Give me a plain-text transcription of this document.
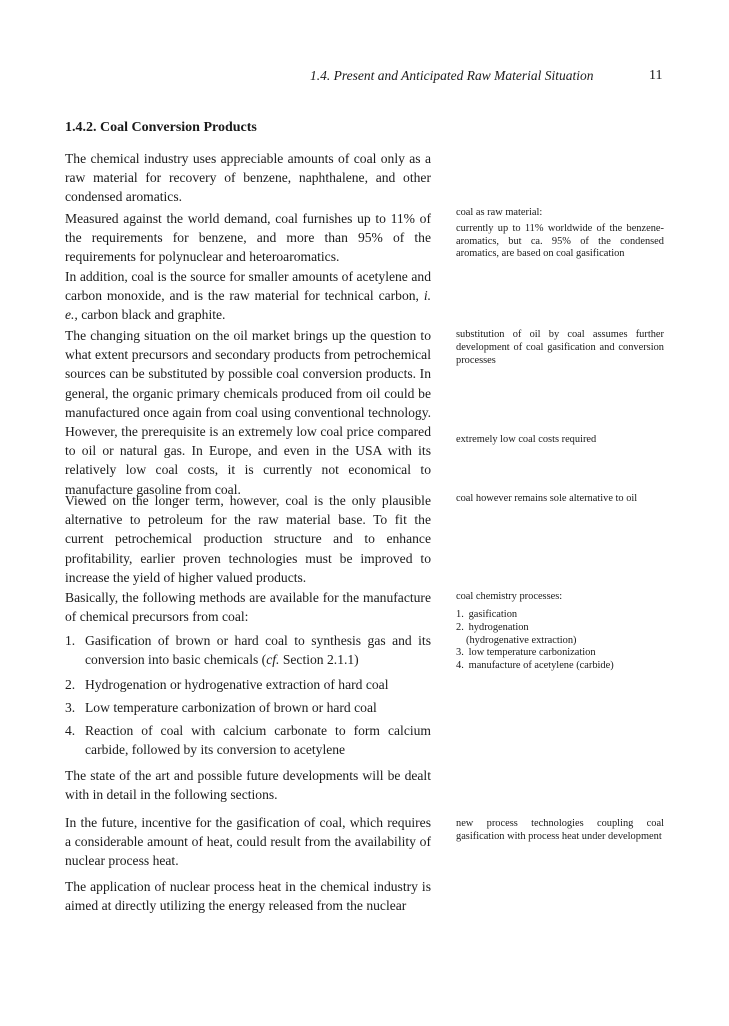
1.4. Present and Anticipated Raw Material Situation	11
1.4.2. Coal Conversion Products

The chemical industry uses appreciable amounts of coal only as a raw material for recovery of benzene, naphthalene, and other condensed aromatics.

Measured against the world demand, coal furnishes up to 11% of the requirements for benzene, and more than 95% of the requirements for polynuclear and heteroaromatics.

In addition, coal is the source for smaller amounts of acetylene and carbon monoxide, and is the raw material for technical carbon, i. e., carbon black and graphite.

The changing situation on the oil market brings up the question to what extent precursors and secondary products from petrochemical sources can be substituted by possible coal conversion products. In general, the organic primary chemicals produced from oil could be manufactured once again from coal using conventional technology. However, the prerequisite is an extremely low coal price compared to oil or natural gas. In Europe, and even in the USA with its relatively low coal costs, it is currently not economical to manufacture gasoline from coal.

Viewed on the longer term, however, coal is the only plausible alternative to petroleum for the raw material base. To fit the current petrochemical production structure and to enhance profitability, earlier proven technologies must be improved to increase the yield of higher valued products.

Basically, the following methods are available for the manufacture of chemical precursors from coal:

1. Gasification of brown or hard coal to synthesis gas and its conversion into basic chemicals (cf. Section 2.1.1)
2. Hydrogenation or hydrogenative extraction of hard coal
3. Low temperature carbonization of brown or hard coal
4. Reaction of coal with calcium carbonate to form calcium carbide, followed by its conversion to acetylene

The state of the art and possible future developments will be dealt with in detail in the following sections.

In the future, incentive for the gasification of coal, which requires a considerable amount of heat, could result from the availability of nuclear process heat.

The application of nuclear process heat in the chemical industry is aimed at directly utilizing the energy released from the nuclear

coal as raw material:
currently up to 11% worldwide of the benzene-aromatics, but ca. 95% of the condensed aromatics, are based on coal gasification
substitution of oil by coal assumes further development of coal gasification and conversion processes
extremely low coal costs required
coal however remains sole alternative to oil
coal chemistry processes:
1. gasification
2. hydrogenation
(hydrogenative extraction)
3. low temperature carbonization
4. manufacture of acetylene (carbide)
new process technologies coupling coal gasification with process heat under development
